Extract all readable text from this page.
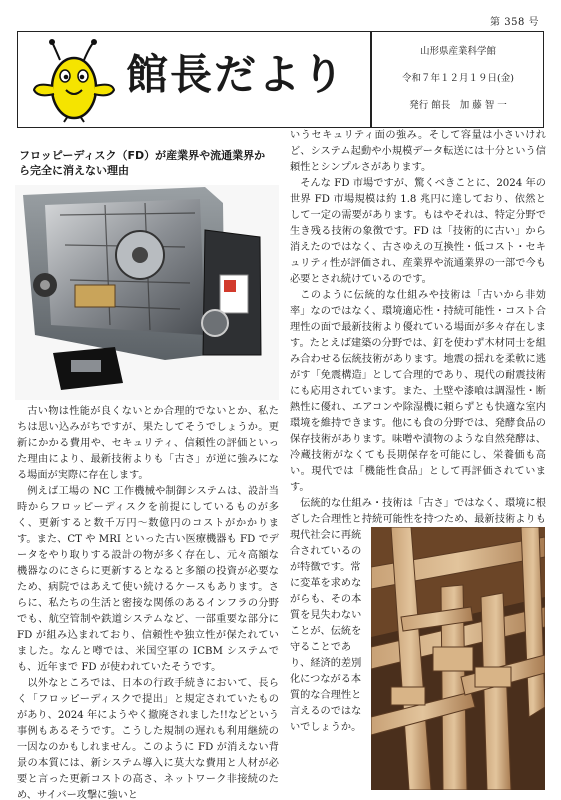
第 358 号
館長だより	山形県産業科学館
令和７年１２月１９日(金)
発行 館長　加 藤 智 一
フロッピーディスク（FD）が産業界や流通業界から完全に消えない理由

古い物は性能が良くないとか合理的でないとか、私たちは思い込みがちですが、果たしてそうでしょうか。更新にかかる費用や、セキュリティ、信頼性の評価といった理由により、最新技術よりも「古さ」が逆に強みになる場面が実際に存在します。

例えば工場の NC 工作機械や制御システムは、設計当時からフロッピーディスクを前提にしているものが多く、更新すると数千万円～数億円のコストがかかります。また、CT や MRI といった古い医療機器も FD でデータをやり取りする設計の物が多く存在し、元々高額な機器なのにさらに更新するとなると多額の投資が必要なため、病院ではあえて使い続けるケースもあります。さらに、私たちの生活と密接な関係のあるインフラの分野でも、航空管制や鉄道システムなど、一部重要な部分に FD が組み込まれており、信頼性や独立性が保たれていました。なんと噂では、米国空軍の ICBM システムでも、近年まで FD が使われていたそうです。

以外なところでは、日本の行政手続きにおいて、長らく「フロッピーディスクで提出」と規定されていたものがあり、2024 年にようやく撤廃されました!!などという事例もあるそうです。こうした規制の遅れも利用継続の一因なのかもしれません。このように FD が消えない背景の本質には、新システム導入に莫大な費用と人材が必要と言った更新コストの高さ、ネットワーク非接続のため、サイバー攻撃に強いと

いうセキュリティ面の強み。そして容量は小さいけれど、システム起動や小規模データ転送には十分という信頼性とシンプルさがあります。

そんな FD 市場ですが、驚くべきことに、2024 年の世界 FD 市場規模は約 1.8 兆円に達しており、依然として一定の需要があります。もはやそれは、特定分野で生き残る技術の象徴です。FD は「技術的に古い」から消えたのではなく、古さゆえの互換性・低コスト・セキュリティ性が評価され、産業界や流通業界の一部で今も必要とされ続けているのです。

このように伝統的な仕組みや技術は「古いから非効率」なのではなく、環境適応性・持続可能性・コスト合理性の面で最新技術より優れている場面が多々存在します。たとえば建築の分野では、釘を使わず木材同士を組み合わせる伝統技術があります。地震の揺れを柔軟に逃がす「免震構造」として合理的であり、現代の耐震技術にも応用されています。また、土壁や漆喰は調湿性・断熱性に優れ、エアコンや除湿機に頼らずとも快適な室内環境を維持できます。他にも食の分野では、発酵食品の保存技術があります。味噌や漬物のような自然発酵は、冷蔵技術がなくても長期保存を可能にし、栄養価も高い。現代では「機能性食品」として再評価されています。

伝統的な仕組み・技術は「古さ」ではなく、環境に根ざした合理性と持続可能性を持つため、最新技術よりも

現代社会に再統合されているのが特徴です。常に変革を求めながらも、その本質を見失わないことが、伝統を守ることであり、経済的差別化につながる本質的な合理性と言えるのではないでしょうか。
